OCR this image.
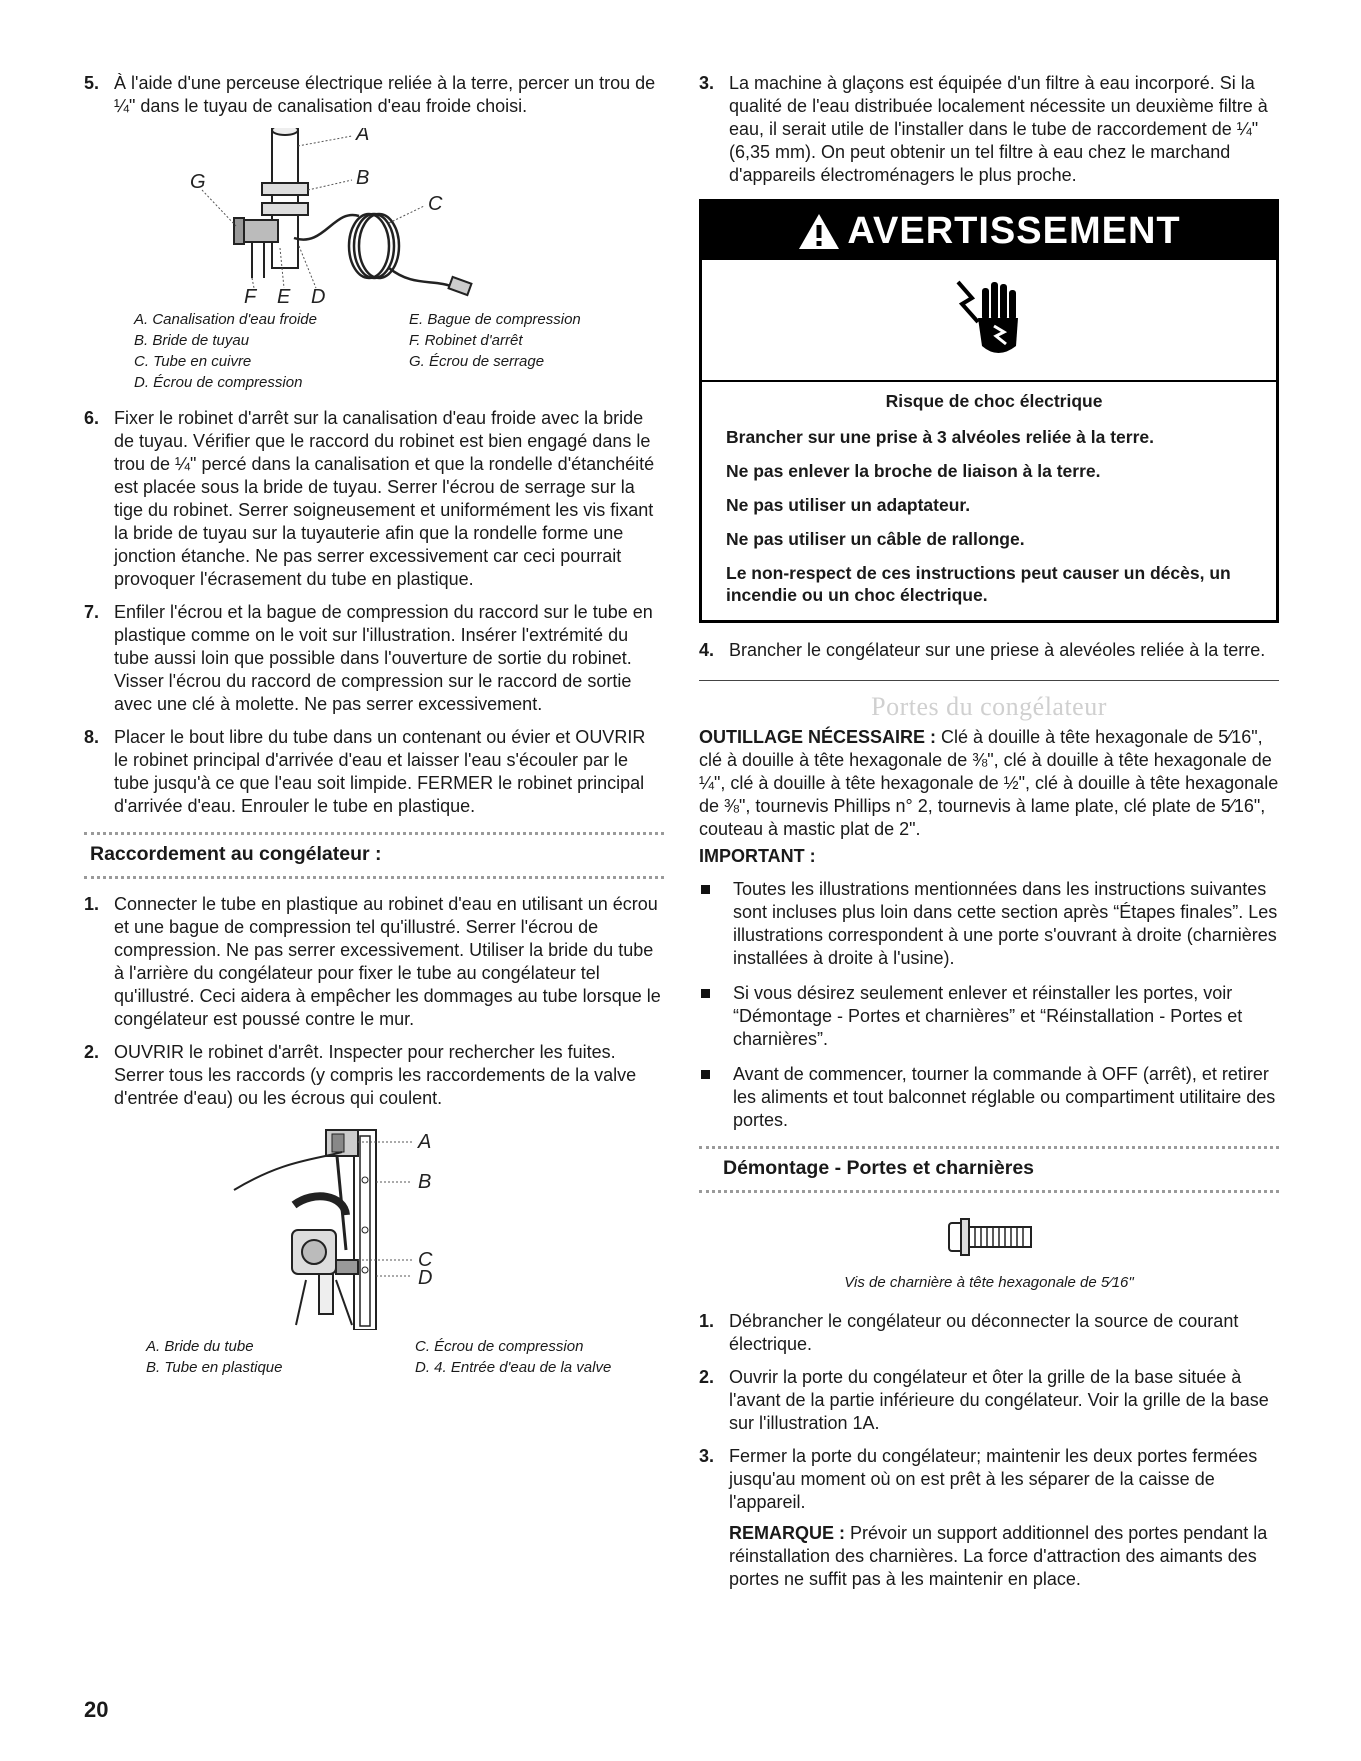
5. À l'aide d'une perceuse électrique reliée à la terre, percer un trou de ¼" dans le tuyau de canalisation d'eau froide choisi.

A
B
C
G
F E D
A. Canalisation d'eau froide	E. Bague de compression
B. Bride de tuyau	F. Robinet d'arrêt
C. Tube en cuivre	G. Écrou de serrage
D. Écrou de compression
6. Fixer le robinet d'arrêt sur la canalisation d'eau froide avec la bride de tuyau. Vérifier que le raccord du robinet est bien engagé dans le trou de ¼" percé dans la canalisation et que la rondelle d'étanchéité est placée sous la bride de tuyau. Serrer l'écrou de serrage sur la tige du robinet. Serrer soigneusement et uniformément les vis fixant la bride de tuyau sur la tuyauterie afin que la rondelle forme une jonction étanche. Ne pas serrer excessivement car ceci pourrait provoquer l'écrasement du tube en plastique.

7. Enfiler l'écrou et la bague de compression du raccord sur le tube en plastique comme on le voit sur l'illustration. Insérer l'extrémité du tube aussi loin que possible dans l'ouverture de sortie du robinet. Visser l'écrou du raccord de compression sur le raccord de sortie avec une clé à molette. Ne pas serrer excessivement.

8. Placer le bout libre du tube dans un contenant ou évier et OUVRIR le robinet principal d'arrivée d'eau et laisser l'eau s'écouler par le tube jusqu'à ce que l'eau soit limpide. FERMER le robinet principal d'arrivée d'eau. Enrouler le tube en plastique.

Raccordement au congélateur :
1. Connecter le tube en plastique au robinet d'eau en utilisant un écrou et une bague de compression tel qu'illustré. Serrer l'écrou de compression. Ne pas serrer excessivement. Utiliser la bride du tube à l'arrière du congélateur pour fixer le tube au congélateur tel qu'illustré. Ceci aidera à empêcher les dommages au tube lorsque le congélateur est poussé contre le mur.

2. OUVRIR le robinet d'arrêt. Inspecter pour rechercher les fuites. Serrer tous les raccords (y compris les raccordements de la valve d'entrée d'eau) ou les écrous qui coulent.

A
B
C
D
A. Bride du tube	C. Écrou de compression
B. Tube en plastique	D. 4. Entrée d'eau de la valve
3. La machine à glaçons est équipée d'un filtre à eau incorporé. Si la qualité de l'eau distribuée localement nécessite un deuxième filtre à eau, il serait utile de l'installer dans le tube de raccordement de ¼" (6,35 mm). On peut obtenir un tel filtre à eau chez le marchand d'appareils électroménagers le plus proche.

AVERTISSEMENT

Risque de choc électrique

Brancher sur une prise à 3 alvéoles reliée à la terre.

Ne pas enlever la broche de liaison à la terre.

Ne pas utiliser un adaptateur.

Ne pas utiliser un câble de rallonge.

Le non-respect de ces instructions peut causer un décès, un incendie ou un choc électrique.

4. Brancher le congélateur sur une priese à alevéoles reliée à la terre.

Portes du congélateur

OUTILLAGE NÉCESSAIRE : Clé à douille à tête hexagonale de 5⁄16", clé à douille à tête hexagonale de ⅜", clé à douille à tête hexagonale de ¼", clé à douille à tête hexagonale de ½", clé à douille à tête hexagonale de ⅜", tournevis Phillips n° 2, tournevis à lame plate, clé plate de 5⁄16", couteau à mastic plat de 2".

IMPORTANT :

Toutes les illustrations mentionnées dans les instructions suivantes sont incluses plus loin dans cette section après “Étapes finales”. Les illustrations correspondent à une porte s'ouvrant à droite (charnières installées à droite à l'usine).

Si vous désirez seulement enlever et réinstaller les portes, voir “Démontage - Portes et charnières” et “Réinstallation - Portes et charnières”.

Avant de commencer, tourner la commande à OFF (arrêt), et retirer les aliments et tout balconnet réglable ou compartiment utilitaire des portes.

Démontage - Portes et charnières

Vis de charnière à tête hexagonale de 5⁄16"

1. Débrancher le congélateur ou déconnecter la source de courant électrique.

2. Ouvrir la porte du congélateur et ôter la grille de la base située à l'avant de la partie inférieure du congélateur. Voir la grille de la base sur l'illustration 1A.

3. Fermer la porte du congélateur; maintenir les deux portes fermées jusqu'au moment où on est prêt à les séparer de la caisse de l'appareil.

REMARQUE : Prévoir un support additionnel des portes pendant la réinstallation des charnières. La force d'attraction des aimants des portes ne suffit pas à les maintenir en place.

20
